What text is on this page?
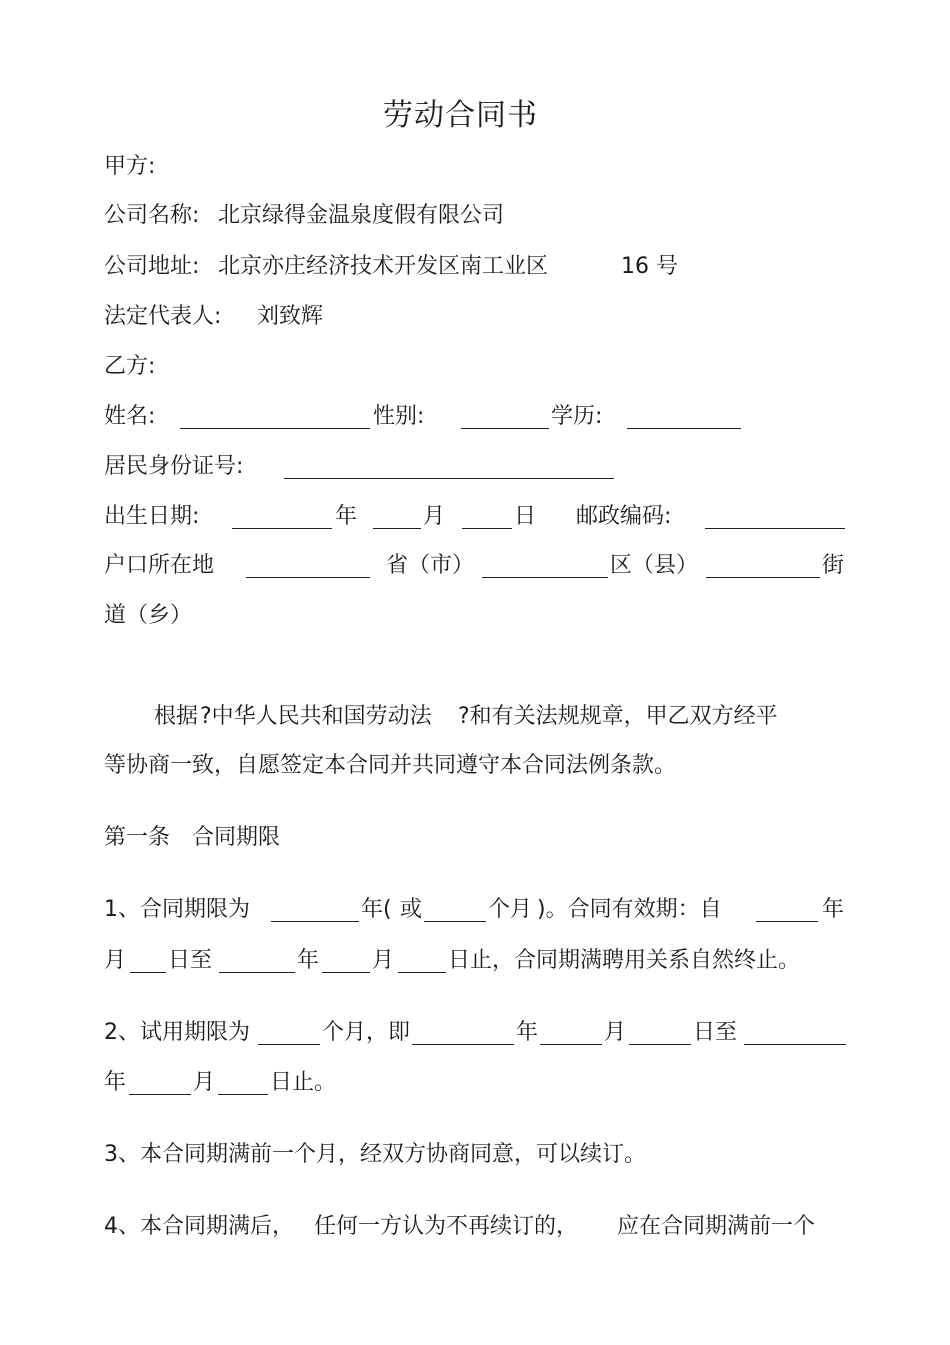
劳动合同书
甲方:
公司名称: 北京绿得金温泉度假有限公司
公司地址: 北京亦庄经济技术开发区南工业区	16 号
法定代表人: 刘致辉
乙方:
姓名:	性别:	学历:
居民身份证号:
出生日期:	年	月	日 邮政编码:
户口所在地	省（市）	区（县）	街
道（乡）
根据 ?中华人民共和国劳动法 ?和有关法规规章，甲乙双方经平
等协商一致，自愿签定本合同并共同遵守本合同法例条款。
第一条　合同期限
1、合同期限为	年( 或	个月 )。合同有效期：自	年
月 日至	年 月 日止，合同期满聘用关系自然终止。
2、试用期限为	个月，即	年	月	日至
年	月 日止。
3、本合同期满前一个月，经双方协商同意，可以续订。
4、本合同期满后， 任何一方认为不再续订的， 应在合同期满前一个
